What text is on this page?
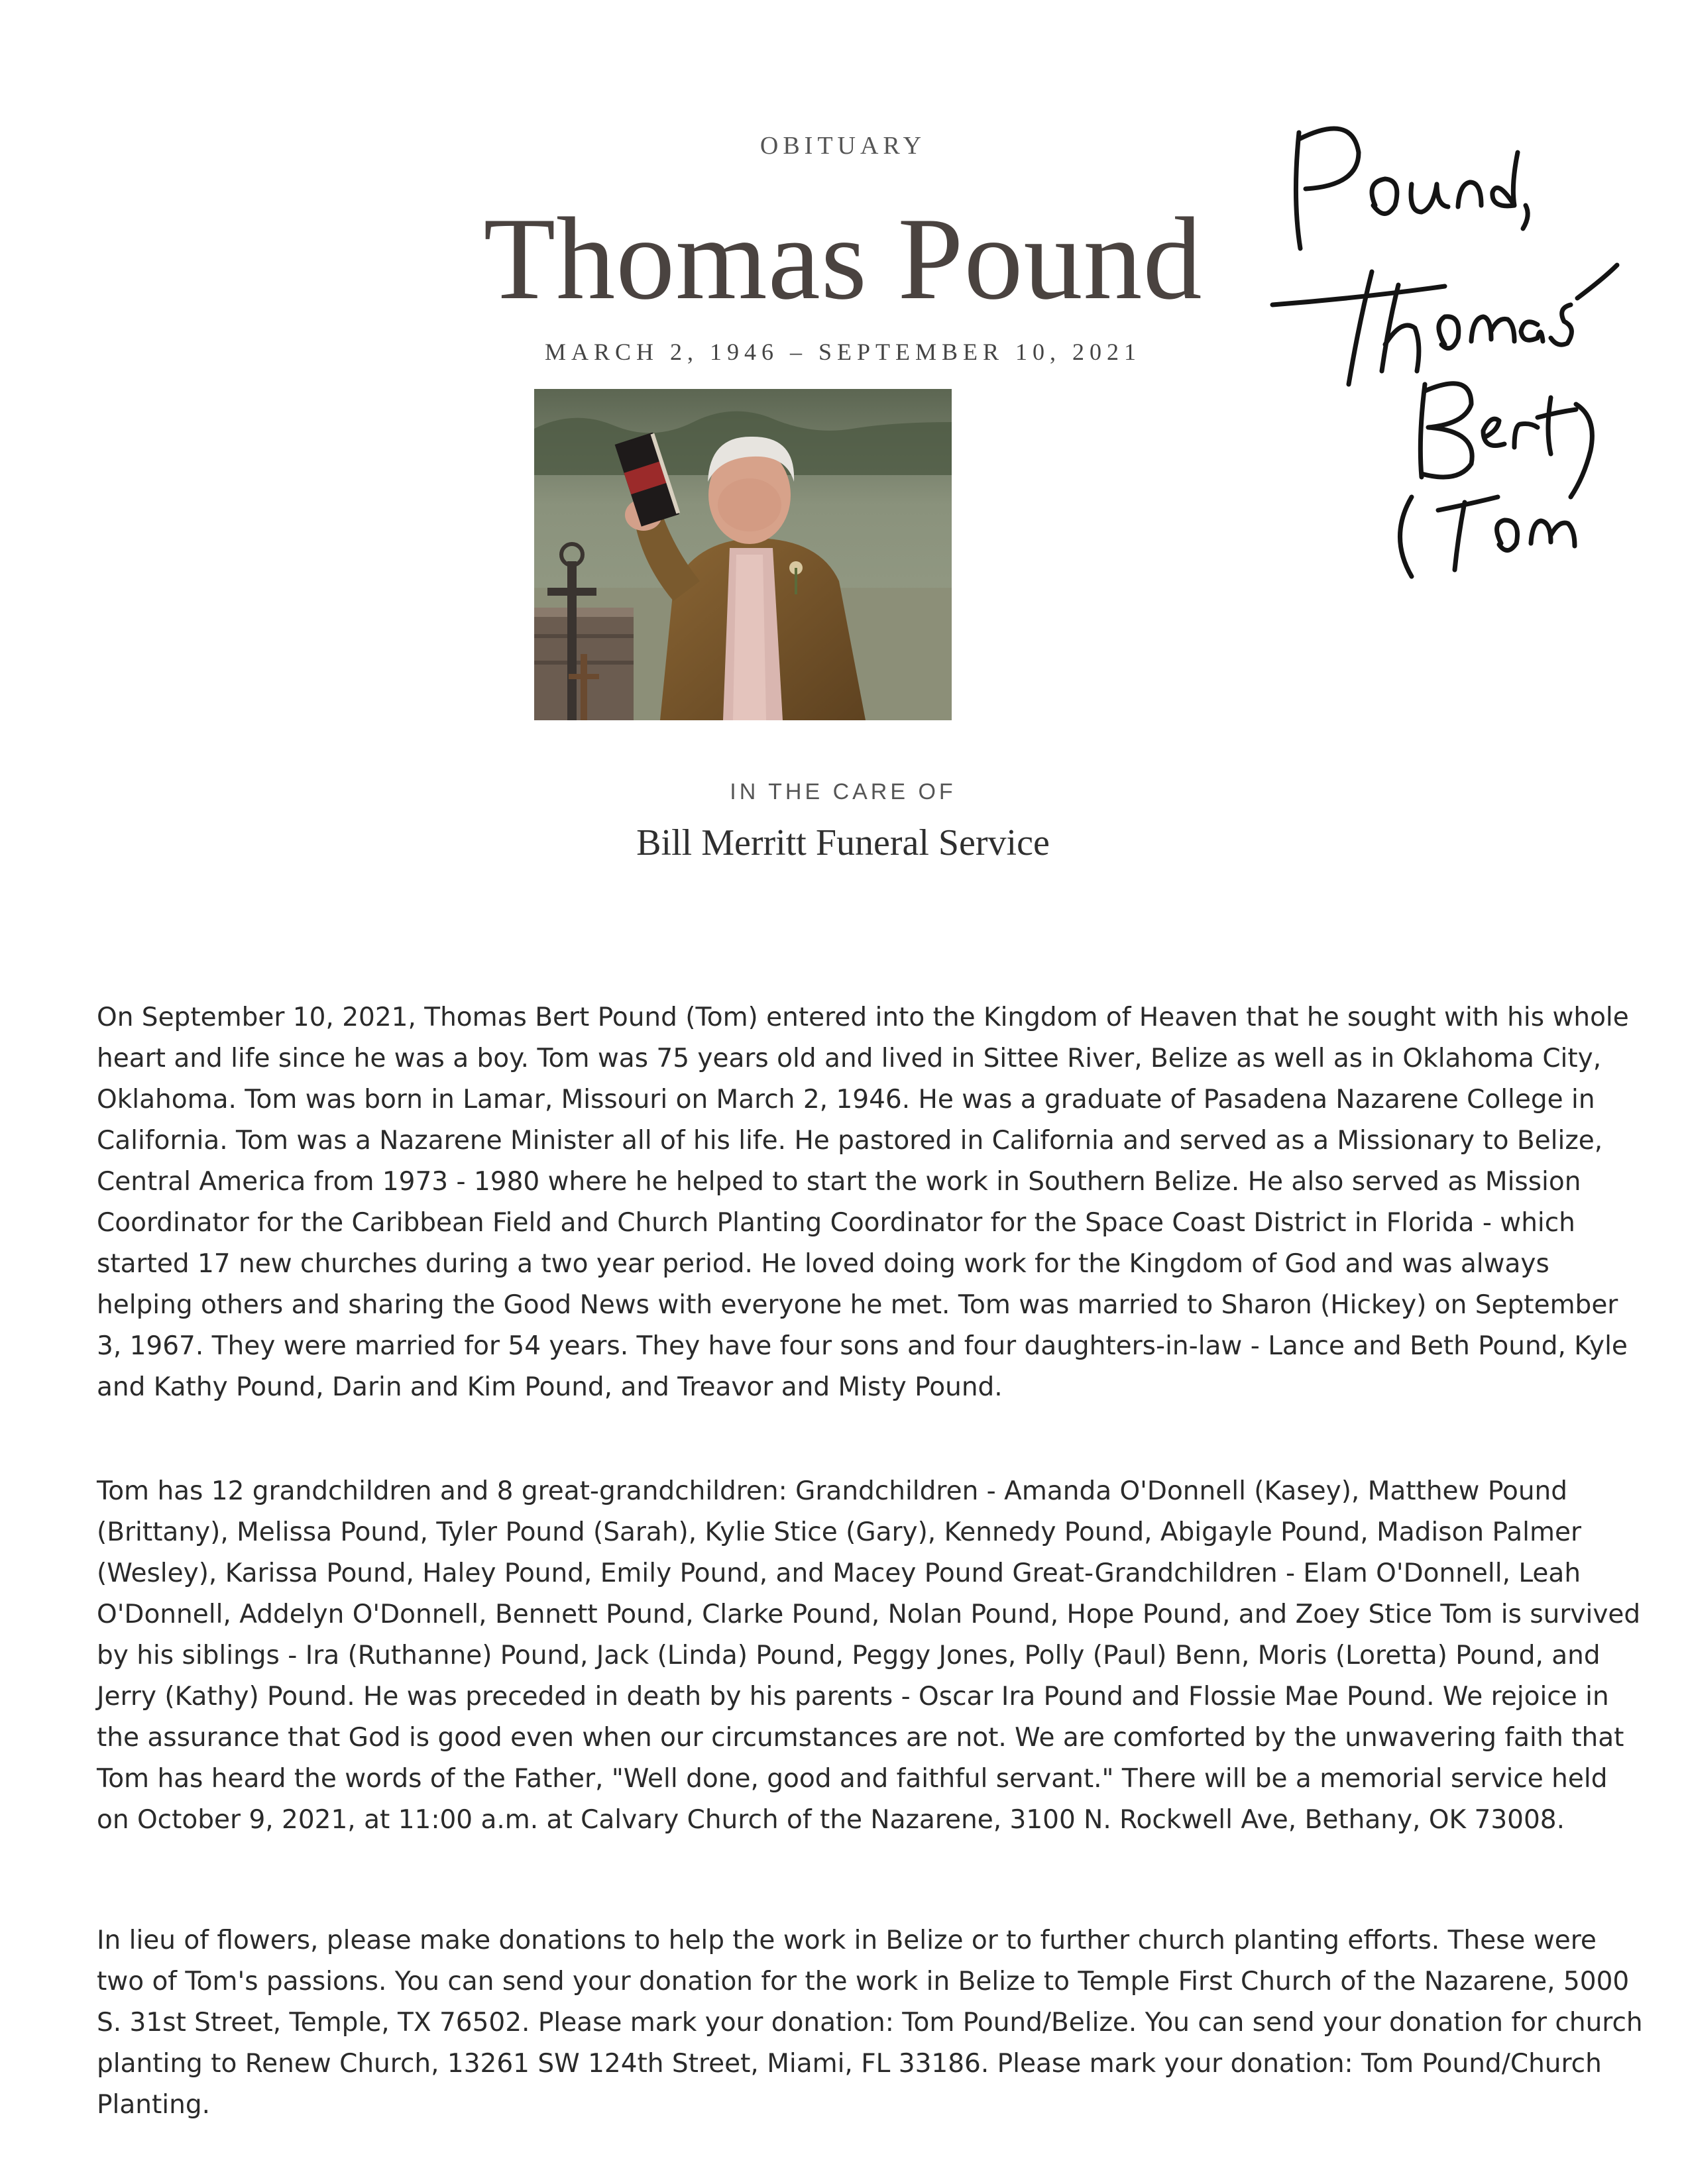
OBITUARY
Thomas Pound
MARCH 2, 1946 – SEPTEMBER 10, 2021
IN THE CARE OF
Bill Merritt Funeral Service

On September 10, 2021, Thomas Bert Pound (Tom) entered into the Kingdom of Heaven that he sought with his whole heart and life since he was a boy. Tom was 75 years old and lived in Sittee River, Belize as well as in Oklahoma City, Oklahoma. Tom was born in Lamar, Missouri on March 2, 1946. He was a graduate of Pasadena Nazarene College in California. Tom was a Nazarene Minister all of his life. He pastored in California and served as a Missionary to Belize, Central America from 1973 - 1980 where he helped to start the work in Southern Belize. He also served as Mission Coordinator for the Caribbean Field and Church Planting Coordinator for the Space Coast District in Florida - which started 17 new churches during a two year period. He loved doing work for the Kingdom of God and was always helping others and sharing the Good News with everyone he met. Tom was married to Sharon (Hickey) on September 3, 1967. They were married for 54 years. They have four sons and four daughters-in-law - Lance and Beth Pound, Kyle and Kathy Pound, Darin and Kim Pound, and Treavor and Misty Pound.

Tom has 12 grandchildren and 8 great-grandchildren: Grandchildren - Amanda O'Donnell (Kasey), Matthew Pound (Brittany), Melissa Pound, Tyler Pound (Sarah), Kylie Stice (Gary), Kennedy Pound, Abigayle Pound, Madison Palmer (Wesley), Karissa Pound, Haley Pound, Emily Pound, and Macey Pound Great-Grandchildren - Elam O'Donnell, Leah O'Donnell, Addelyn O'Donnell, Bennett Pound, Clarke Pound, Nolan Pound, Hope Pound, and Zoey Stice Tom is survived by his siblings - Ira (Ruthanne) Pound, Jack (Linda) Pound, Peggy Jones, Polly (Paul) Benn, Moris (Loretta) Pound, and Jerry (Kathy) Pound. He was preceded in death by his parents - Oscar Ira Pound and Flossie Mae Pound. We rejoice in the assurance that God is good even when our circumstances are not. We are comforted by the unwavering faith that Tom has heard the words of the Father, "Well done, good and faithful servant." There will be a memorial service held on October 9, 2021, at 11:00 a.m. at Calvary Church of the Nazarene, 3100 N. Rockwell Ave, Bethany, OK 73008.

In lieu of flowers, please make donations to help the work in Belize or to further church planting efforts. These were two of Tom's passions. You can send your donation for the work in Belize to Temple First Church of the Nazarene, 5000 S. 31st Street, Temple, TX 76502. Please mark your donation: Tom Pound/Belize. You can send your donation for church planting to Renew Church, 13261 SW 124th Street, Miami, FL 33186. Please mark your donation: Tom Pound/Church Planting.
